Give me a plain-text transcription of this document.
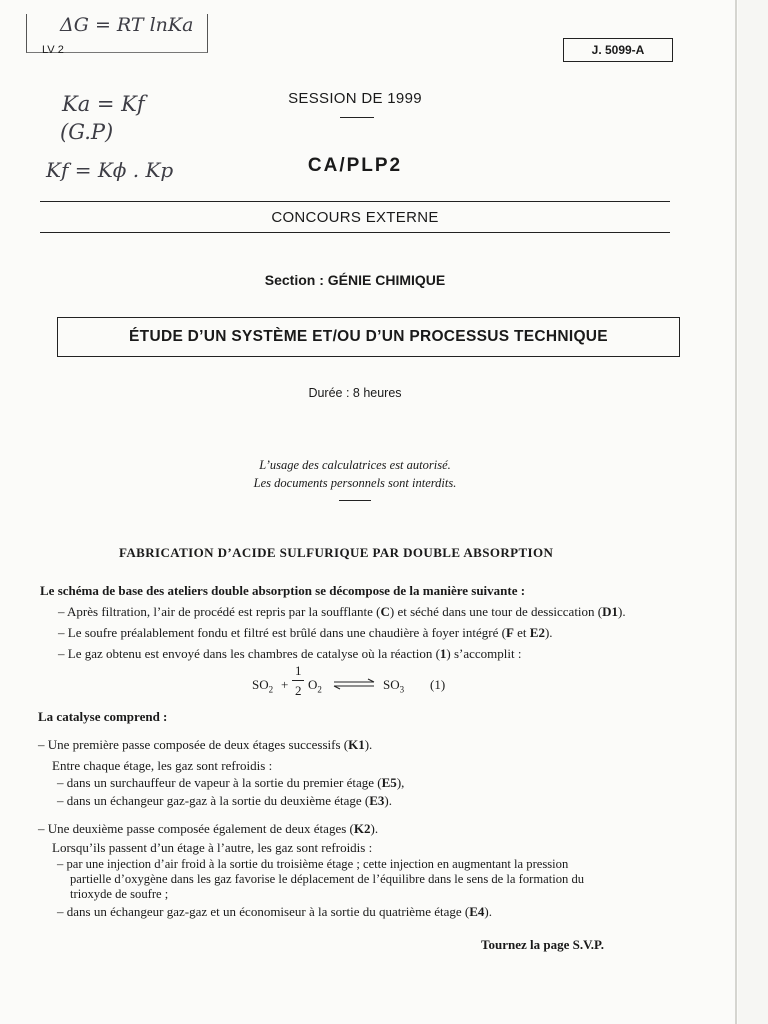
ΔG = RT lnKa
LV 2
Ka = Kf
(G.P)
Kf = Kϕ . Kp
J. 5099-A
SESSION DE 1999
CA/PLP2
CONCOURS EXTERNE
Section : GÉNIE CHIMIQUE
ÉTUDE D’UN SYSTÈME ET/OU D’UN PROCESSUS TECHNIQUE
Durée : 8 heures
L’usage des calculatrices est autorisé.
Les documents personnels sont interdits.
FABRICATION D’ACIDE SULFURIQUE PAR DOUBLE ABSORPTION
Le schéma de base des ateliers double absorption se décompose de la manière suivante :
– Après filtration, l’air de procédé est repris par la soufflante (C) et séché dans une tour de dessiccation (D1).
– Le soufre préalablement fondu et filtré est brûlé dans une chaudière à foyer intégré (F et E2).
– Le gaz obtenu est envoyé dans les chambres de catalyse où la réaction (1) s’accomplit :
$SO_2$ +
1
2 $O_2$ ⇌ $SO_3$ (1)
La catalyse comprend :
– Une première passe composée de deux étages successifs (K1).
Entre chaque étage, les gaz sont refroidis :
– dans un surchauffeur de vapeur à la sortie du premier étage (E5),
– dans un échangeur gaz-gaz à la sortie du deuxième étage (E3).
– Une deuxième passe composée également de deux étages (K2).
Lorsqu’ils passent d’un étage à l’autre, les gaz sont refroidis :
– par une injection d’air froid à la sortie du troisième étage ; cette injection en augmentant la pression
partielle d’oxygène dans les gaz favorise le déplacement de l’équilibre dans le sens de la formation du
trioxyde de soufre ;
– dans un échangeur gaz-gaz et un économiseur à la sortie du quatrième étage (E4).
Tournez la page S.V.P.
